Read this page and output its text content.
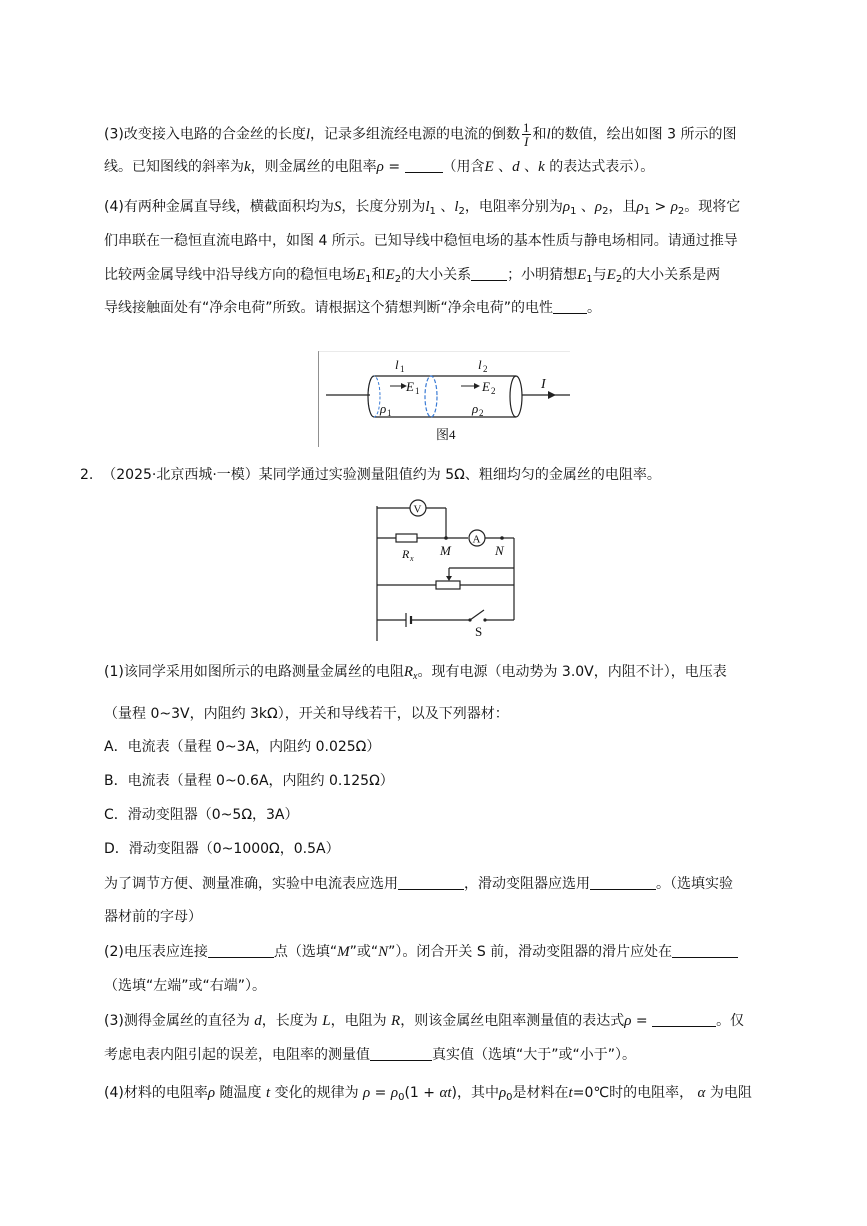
(3)改变接入电路的合金丝的长度l，记录多组流经电源的电流的倒数 $\frac{1}{I}$ 和l的数值，绘出如图 3 所示的图
线。已知图线的斜率为k，则金属丝的电阻率ρ =	（用含E 、d 、k 的表达式表示）。
(4)有两种金属直导线，横截面积均为S，长度分别为$l_1$ 、$l_2$，电阻率分别为$\rho_1$ 、$\rho_2$，且$\rho_1 > \rho_2$。现将它
们串联在一稳恒直流电路中，如图 4 所示。已知导线中稳恒电场的基本性质与静电场相同。请通过推导
比较两金属导线中沿导线方向的稳恒电场$E_1$和$E_2$的大小关系	；小明猜想$E_1$与$E_2$的大小关系是两
导线接触面处有“净余电荷”所致。请根据这个猜想判断“净余电荷”的电性 。
I
E 1	E 2
l 1	l 2
ρ 1	ρ 2
图4
2. （2025·北京西城·一模）某同学通过实验测量阻值约为 5Ω、粗细均匀的金属丝的电阻率。
V
A
R x
M	N
S
(1)该同学采用如图所示的电路测量金属丝的电阻$R_x$。现有电源（电动势为 3.0V，内阻不计），电压表
（量程 0~3V，内阻约 3kΩ），开关和导线若干，以及下列器材：
A．电流表（量程 0~3A，内阻约 0.025Ω）
B．电流表（量程 0~0.6A，内阻约 0.125Ω）
C．滑动变阻器（0~5Ω，3A）
D．滑动变阻器（0~1000Ω，0.5A）
为了调节方便、测量准确，实验中电流表应选用	，滑动变阻器应选用	。（选填实验
器材前的字母）
(2)电压表应连接	点（选填“M”或“N”）。闭合开关 S 前，滑动变阻器的滑片应处在
（选填“左端”或“右端”）。
(3)测得金属丝的直径为 d，长度为 L，电阻为 R，则该金属丝电阻率测量值的表达式ρ =	。仅
考虑电表内阻引起的误差，电阻率的测量值	真实值（选填“大于”或“小于”）。
(4)材料的电阻率ρ 随温度 t 变化的规律为 $\rho = \rho_0(1 + \alpha t)$，其中$\rho_0$是材料在t=0℃时的电阻率， α 为电阻
